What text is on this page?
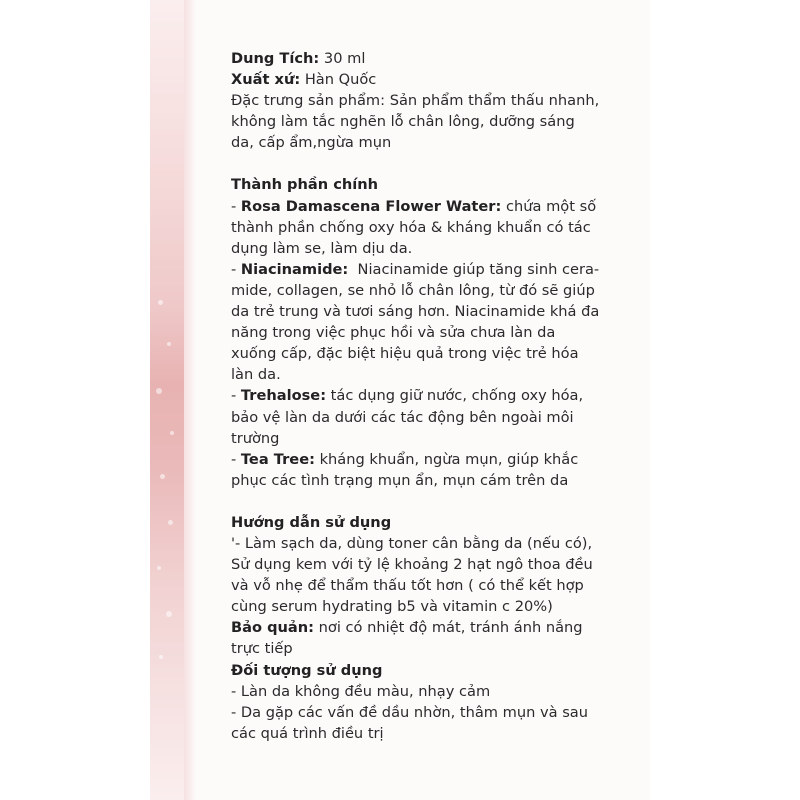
Dung Tích: 30 ml
Xuất xứ: Hàn Quốc
Đặc trưng sản phẩm: Sản phẩm thẩm thấu nhanh,
không làm tắc nghẽn lỗ chân lông, dưỡng sáng
da, cấp ẩm,ngừa mụn
Thành phần chính
- Rosa Damascena Flower Water: chứa một số
thành phần chống oxy hóa & kháng khuẩn có tác
dụng làm se, làm dịu da.
- Niacinamide:  Niacinamide giúp tăng sinh cera-
mide, collagen, se nhỏ lỗ chân lông, từ đó sẽ giúp
da trẻ trung và tươi sáng hơn. Niacinamide khá đa
năng trong việc phục hồi và sửa chưa làn da
xuống cấp, đặc biệt hiệu quả trong việc trẻ hóa
làn da.
- Trehalose: tác dụng giữ nước, chống oxy hóa,
bảo vệ làn da dưới các tác động bên ngoài môi
trường
- Tea Tree: kháng khuẩn, ngừa mụn, giúp khắc
phục các tình trạng mụn ẩn, mụn cám trên da
Hướng dẫn sử dụng
'- Làm sạch da, dùng toner cân bằng da (nếu có),
Sử dụng kem với tỷ lệ khoảng 2 hạt ngô thoa đều
và vỗ nhẹ để thẩm thấu tốt hơn ( có thể kết hợp
cùng serum hydrating b5 và vitamin c 20%)
Bảo quản: nơi có nhiệt độ mát, tránh ánh nắng
trực tiếp
Đối tượng sử dụng
- Làn da không đều màu, nhạy cảm
- Da gặp các vấn đề dầu nhờn, thâm mụn và sau
các quá trình điều trị
